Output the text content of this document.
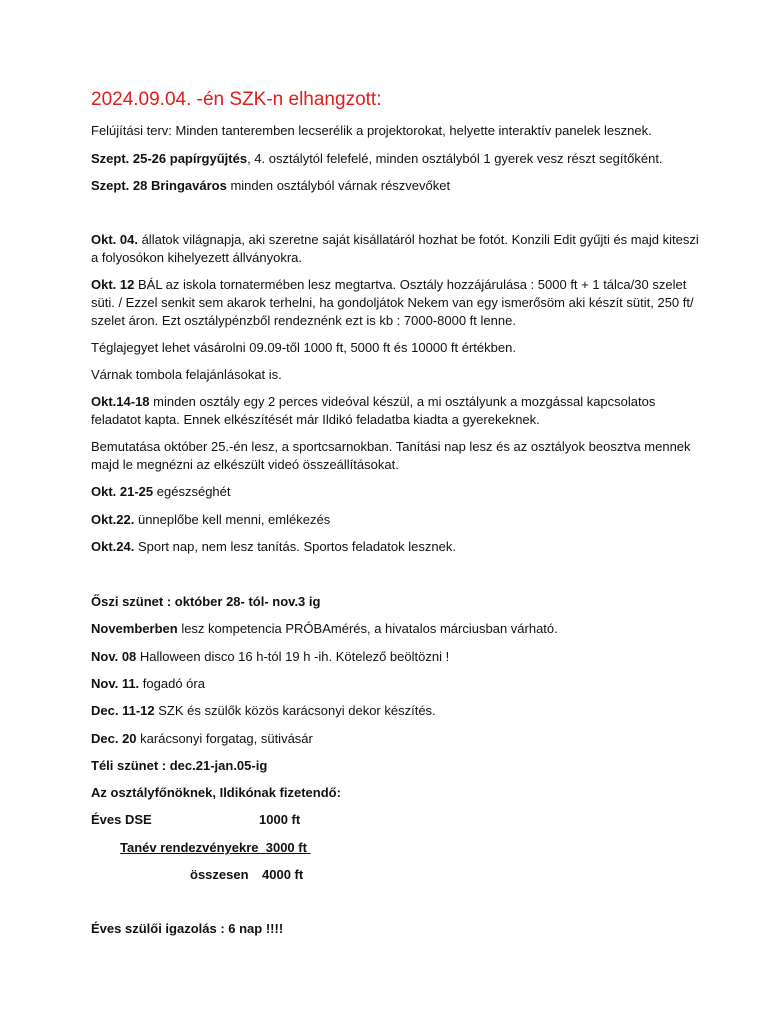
2024.09.04. -én SZK-n elhangzott:

Felújítási terv: Minden tanteremben lecserélik a projektorokat, helyette interaktív panelek lesznek.

Szept. 25-26 papírgyűjtés, 4. osztálytól felefelé, minden osztályból 1 gyerek vesz részt segítőként.

Szept. 28 Bringaváros minden osztályból várnak részvevőket

Okt. 04. állatok világnapja, aki szeretne saját kisállatáról hozhat be fotót. Konzili Edit gyűjti és majd kiteszi a folyosókon kihelyezett állványokra.

Okt. 12 BÁL az iskola tornatermében lesz megtartva. Osztály hozzájárulása : 5000 ft + 1 tálca/30 szelet süti. / Ezzel senkit sem akarok terhelni, ha gondoljátok Nekem van egy ismerősöm aki készít sütit, 250 ft/ szelet áron. Ezt osztálypénzből rendeznénk ezt is kb : 7000-8000 ft lenne.

Téglajegyet lehet vásárolni 09.09-től 1000 ft, 5000 ft és 10000 ft értékben.

Várnak tombola felajánlásokat is.

Okt.14-18 minden osztály egy 2 perces videóval készül, a mi osztályunk a mozgással kapcsolatos feladatot kapta. Ennek elkészítését már Ildikó feladatba kiadta a gyerekeknek.

Bemutatása október 25.-én lesz, a sportcsarnokban. Tanítási nap lesz és az osztályok beosztva mennek majd le megnézni az elkészült videó összeállításokat.

Okt. 21-25 egészséghét

Okt.22. ünneplőbe kell menni, emlékezés

Okt.24. Sport nap, nem lesz tanítás. Sportos feladatok lesznek.

Őszi szünet : október 28- tól- nov.3 ig

Novemberben lesz kompetencia PRÓBAmérés, a hivatalos márciusban várható.

Nov. 08 Halloween disco 16 h-tól 19 h -ih. Kötelező beöltözni !

Nov. 11. fogadó óra

Dec. 11-12 SZK és szülők közös karácsonyi dekor készítés.

Dec. 20 karácsonyi forgatag, sütivásár

Téli szünet : dec.21-jan.05-ig

Az osztályfőnöknek, Ildikónak fizetendő:

Éves DSE	1000 ft
Tanév rendezvényekre 3000 ft
összesen 4000 ft

Éves szülői igazolás : 6 nap !!!!
